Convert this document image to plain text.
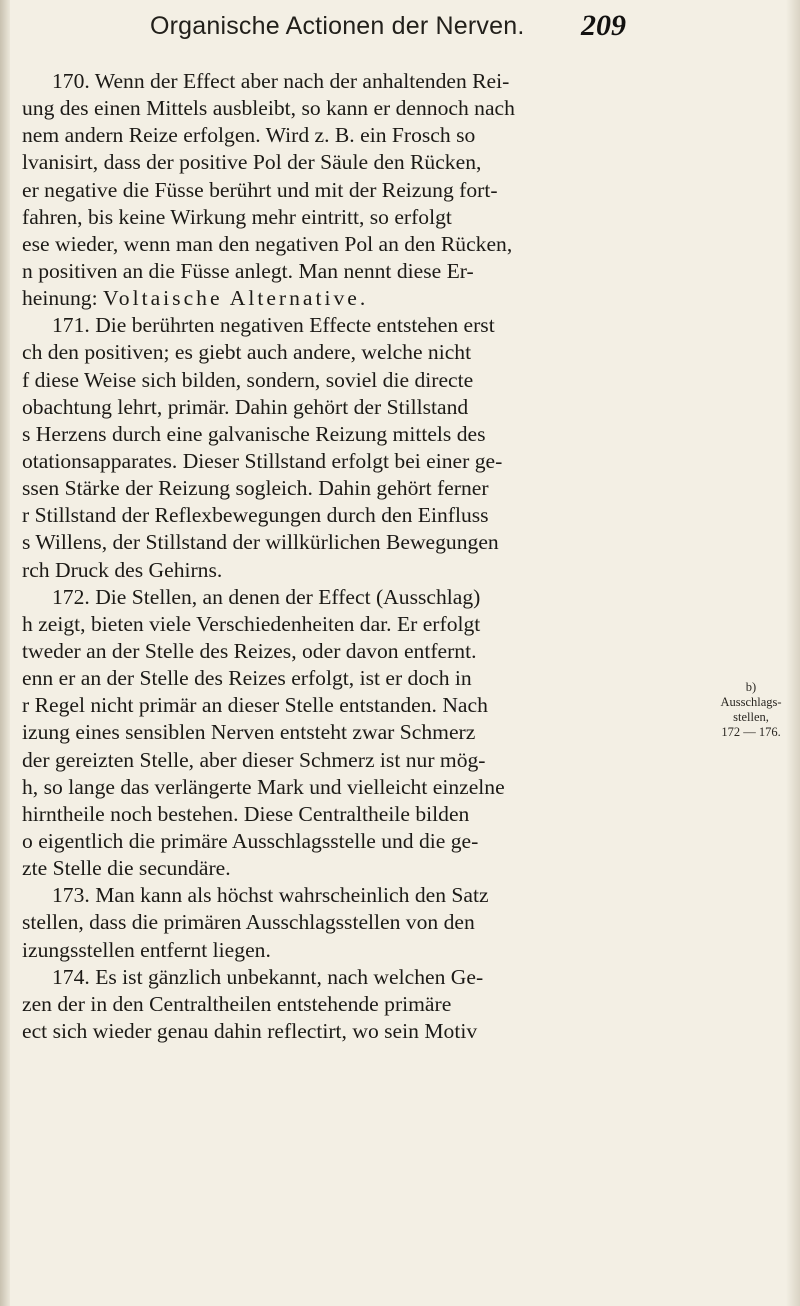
Organische Actionen der Nerven. 209
170. Wenn der Effect aber nach der anhaltenden Rei-
ung des einen Mittels ausbleibt, so kann er dennoch nach
nem andern Reize erfolgen. Wird z. B. ein Frosch so
lvanisirt, dass der positive Pol der Säule den Rücken,
er negative die Füsse berührt und mit der Reizung fort-
fahren, bis keine Wirkung mehr eintritt, so erfolgt
ese wieder, wenn man den negativen Pol an den Rücken,
n positiven an die Füsse anlegt. Man nennt diese Er-
heinung: Voltaische Alternative.
171. Die berührten negativen Effecte entstehen erst
ch den positiven; es giebt auch andere, welche nicht
f diese Weise sich bilden, sondern, soviel die directe
obachtung lehrt, primär. Dahin gehört der Stillstand
s Herzens durch eine galvanische Reizung mittels des
otationsapparates. Dieser Stillstand erfolgt bei einer ge-
ssen Stärke der Reizung sogleich. Dahin gehört ferner
r Stillstand der Reflexbewegungen durch den Einfluss
s Willens, der Stillstand der willkürlichen Bewegungen
rch Druck des Gehirns.
172. Die Stellen, an denen der Effect (Ausschlag)
h zeigt, bieten viele Verschiedenheiten dar. Er erfolgt
tweder an der Stelle des Reizes, oder davon entfernt.
enn er an der Stelle des Reizes erfolgt, ist er doch in
r Regel nicht primär an dieser Stelle entstanden. Nach
izung eines sensiblen Nerven entsteht zwar Schmerz
der gereizten Stelle, aber dieser Schmerz ist nur mög-
h, so lange das verlängerte Mark und vielleicht einzelne
hirntheile noch bestehen. Diese Centraltheile bilden
o eigentlich die primäre Ausschlagsstelle und die ge-
zte Stelle die secundäre.
173. Man kann als höchst wahrscheinlich den Satz
stellen, dass die primären Ausschlagsstellen von den
izungsstellen entfernt liegen.
174. Es ist gänzlich unbekannt, nach welchen Ge-
zen der in den Centraltheilen entstehende primäre
ect sich wieder genau dahin reflectirt, wo sein Motiv
b)
Ausschlags-
stellen,
172 — 176.
